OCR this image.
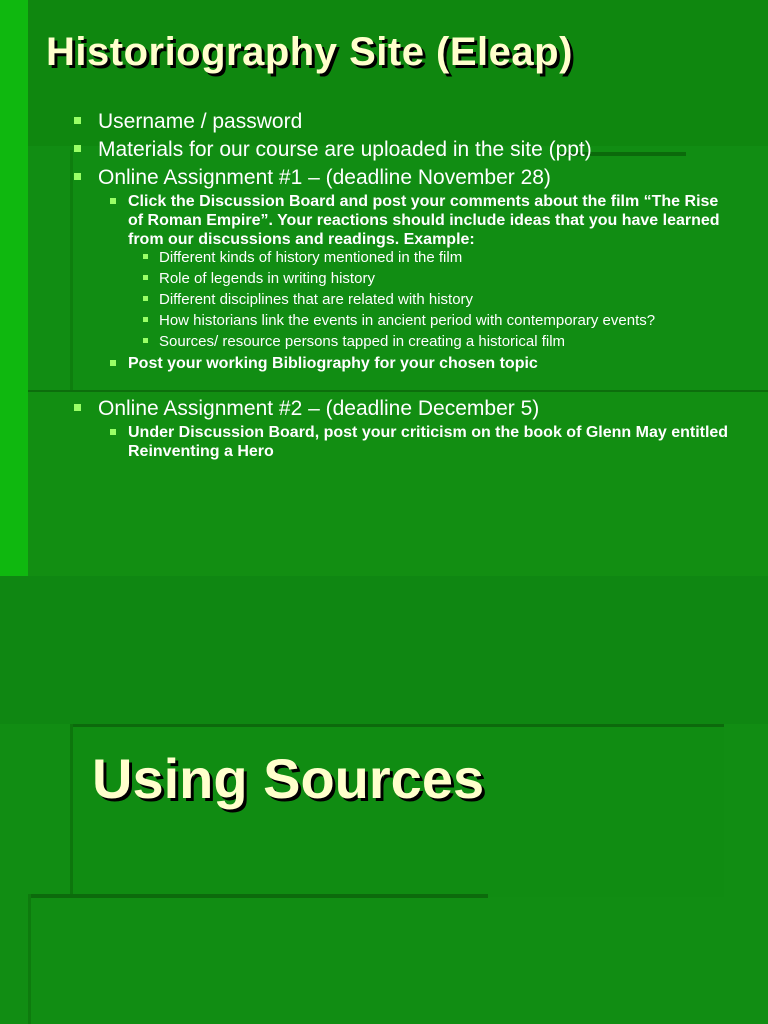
Historiography Site (Eleap)
Username / password
Materials for our course are uploaded in the site (ppt)
Online Assignment #1 – (deadline November 28)
Click the Discussion Board and post your comments about the film “The Rise of Roman Empire”. Your reactions should include ideas that you have learned from our discussions and readings. Example:
Different kinds of history mentioned in the film
Role of legends in writing history
Different disciplines that are related with history
How historians link the events in ancient period with contemporary events?
Sources/ resource persons tapped in creating a historical film
Post your working Bibliography for your chosen topic
Online Assignment #2 – (deadline December 5)
Under Discussion Board, post your criticism on the book of Glenn May entitled Reinventing a Hero
Using Sources
